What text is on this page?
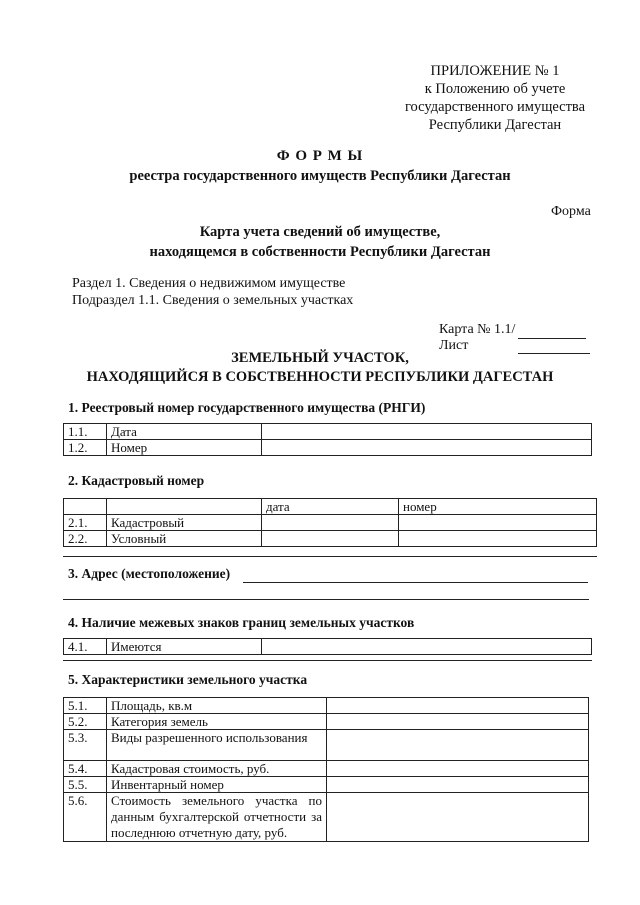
ПРИЛОЖЕНИЕ № 1
к Положению об учете
государственного имущества
Республики Дагестан
Ф О Р М Ы
реестра государственного имуществ Республики Дагестан
Форма
Карта учета сведений об имуществе,
находящемся в собственности Республики Дагестан
Раздел 1. Сведения о недвижимом имуществе
Подраздел 1.1. Сведения о земельных участках
Карта № 1.1/
Лист
ЗЕМЕЛЬНЫЙ УЧАСТОК,
НАХОДЯЩИЙСЯ В СОБСТВЕННОСТИ РЕСПУБЛИКИ ДАГЕСТАН
1. Реестровый номер государственного имущества (РНГИ)
1.1.	Дата	
1.2.	Номер	
2. Кадастровый номер
		дата	номер
2.1.	Кадастровый		
2.2.	Условный		
3. Адрес (местоположение)
4. Наличие межевых знаков границ земельных участков
4.1.	Имеются	
5. Характеристики земельного участка
5.1.	Площадь, кв.м	
5.2.	Категория земель	
5.3.	Виды разрешенного использования	
5.4.	Кадастровая стоимость, руб.	
5.5.	Инвентарный номер	
5.6.	Стоимость земельного участка по данным бухгалтерской отчетности за последнюю отчетную дату, руб.	
